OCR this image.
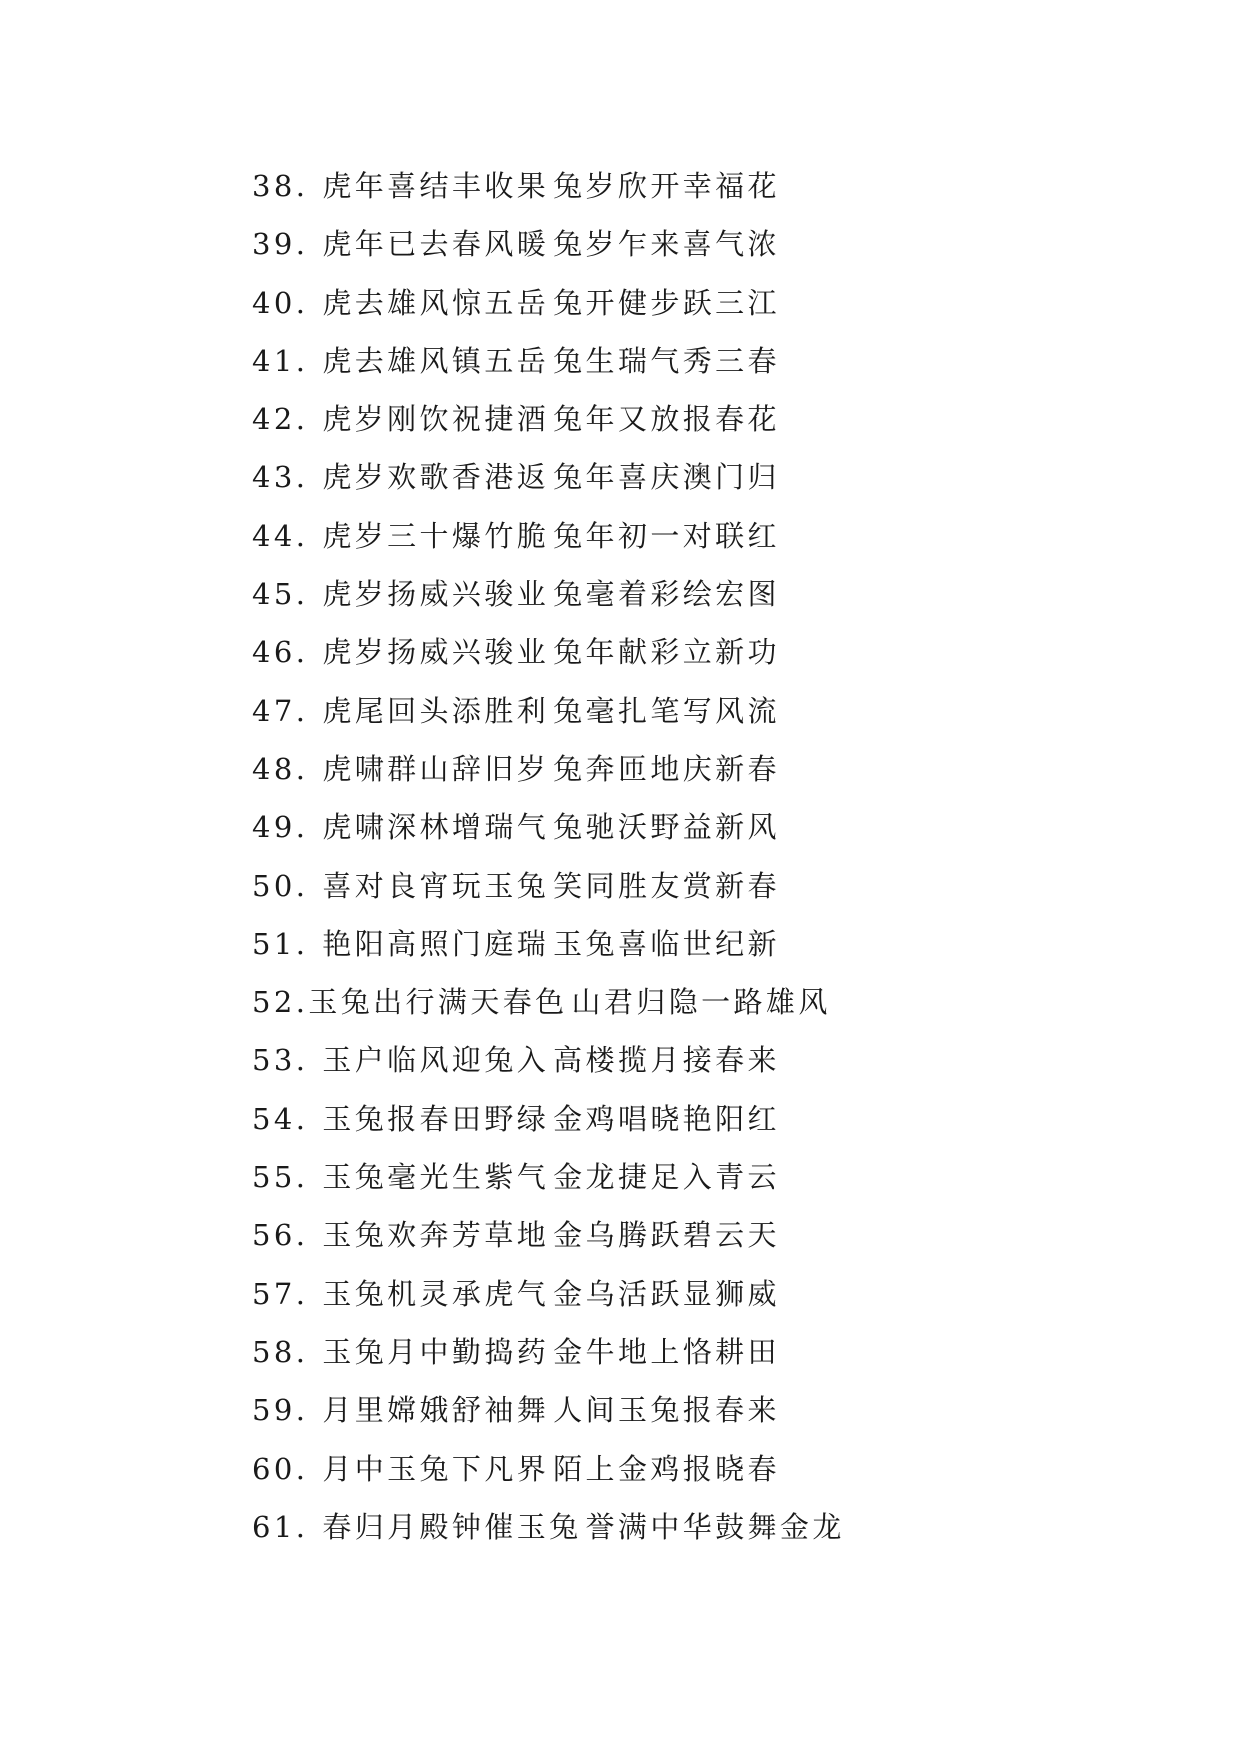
38. 虎年喜结丰收果 兔岁欣开幸福花
39. 虎年已去春风暖 兔岁乍来喜气浓
40. 虎去雄风惊五岳 兔开健步跃三江
41. 虎去雄风镇五岳 兔生瑞气秀三春
42. 虎岁刚饮祝捷酒 兔年又放报春花
43. 虎岁欢歌香港返 兔年喜庆澳门归
44. 虎岁三十爆竹脆 兔年初一对联红
45. 虎岁扬威兴骏业 兔毫着彩绘宏图
46. 虎岁扬威兴骏业 兔年献彩立新功
47. 虎尾回头添胜利 兔毫扎笔写风流
48. 虎啸群山辞旧岁 兔奔匝地庆新春
49. 虎啸深林增瑞气 兔驰沃野益新风
50. 喜对良宵玩玉兔 笑同胜友赏新春
51. 艳阳高照门庭瑞 玉兔喜临世纪新
52.玉兔出行满天春色 山君归隐一路雄风
53. 玉户临风迎兔入 高楼揽月接春来
54. 玉兔报春田野绿 金鸡唱晓艳阳红
55. 玉兔毫光生紫气 金龙捷足入青云
56. 玉兔欢奔芳草地 金乌腾跃碧云天
57. 玉兔机灵承虎气 金乌活跃显狮威
58. 玉兔月中勤捣药 金牛地上恪耕田
59. 月里嫦娥舒袖舞 人间玉兔报春来
60. 月中玉兔下凡界 陌上金鸡报晓春
61. 春归月殿钟催玉兔 誉满中华鼓舞金龙
